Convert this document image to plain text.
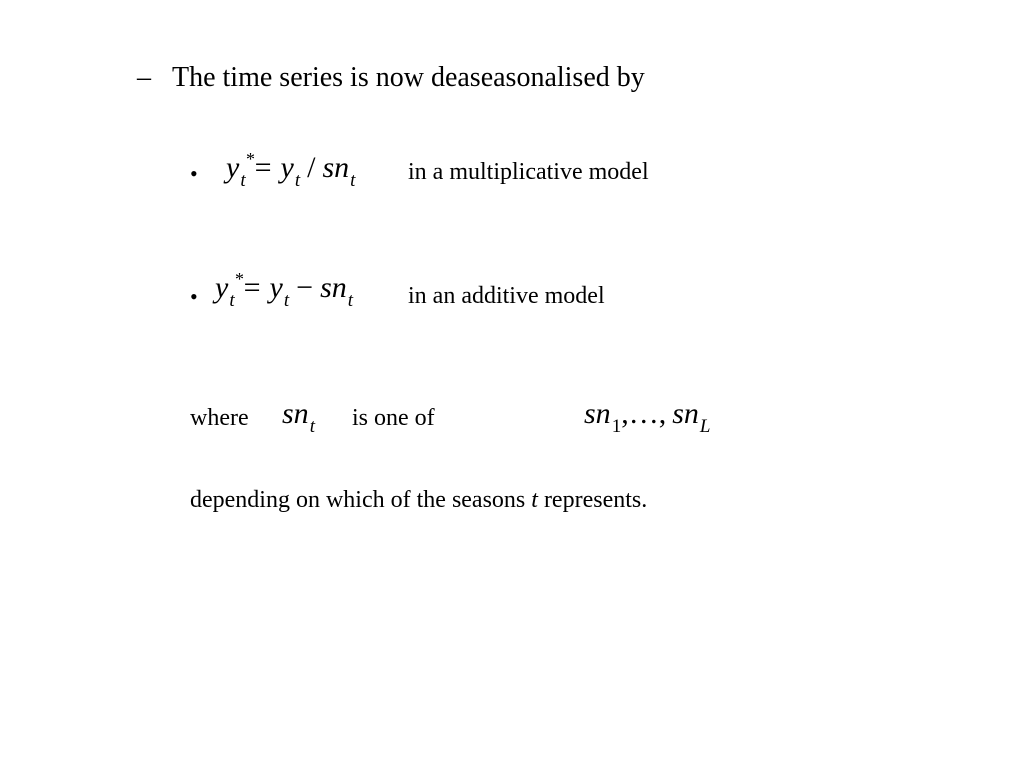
– The time series is now deaseasonalised by
• $y_t$
* = $y_t / sn_t$ in a multiplicative model
• $y_t$
* = $y_t - sn_t$ in an additive model
where $sn_t$ is one of	$sn_1,\dots$, $sn_L$
depending on which of the seasons t represents.
